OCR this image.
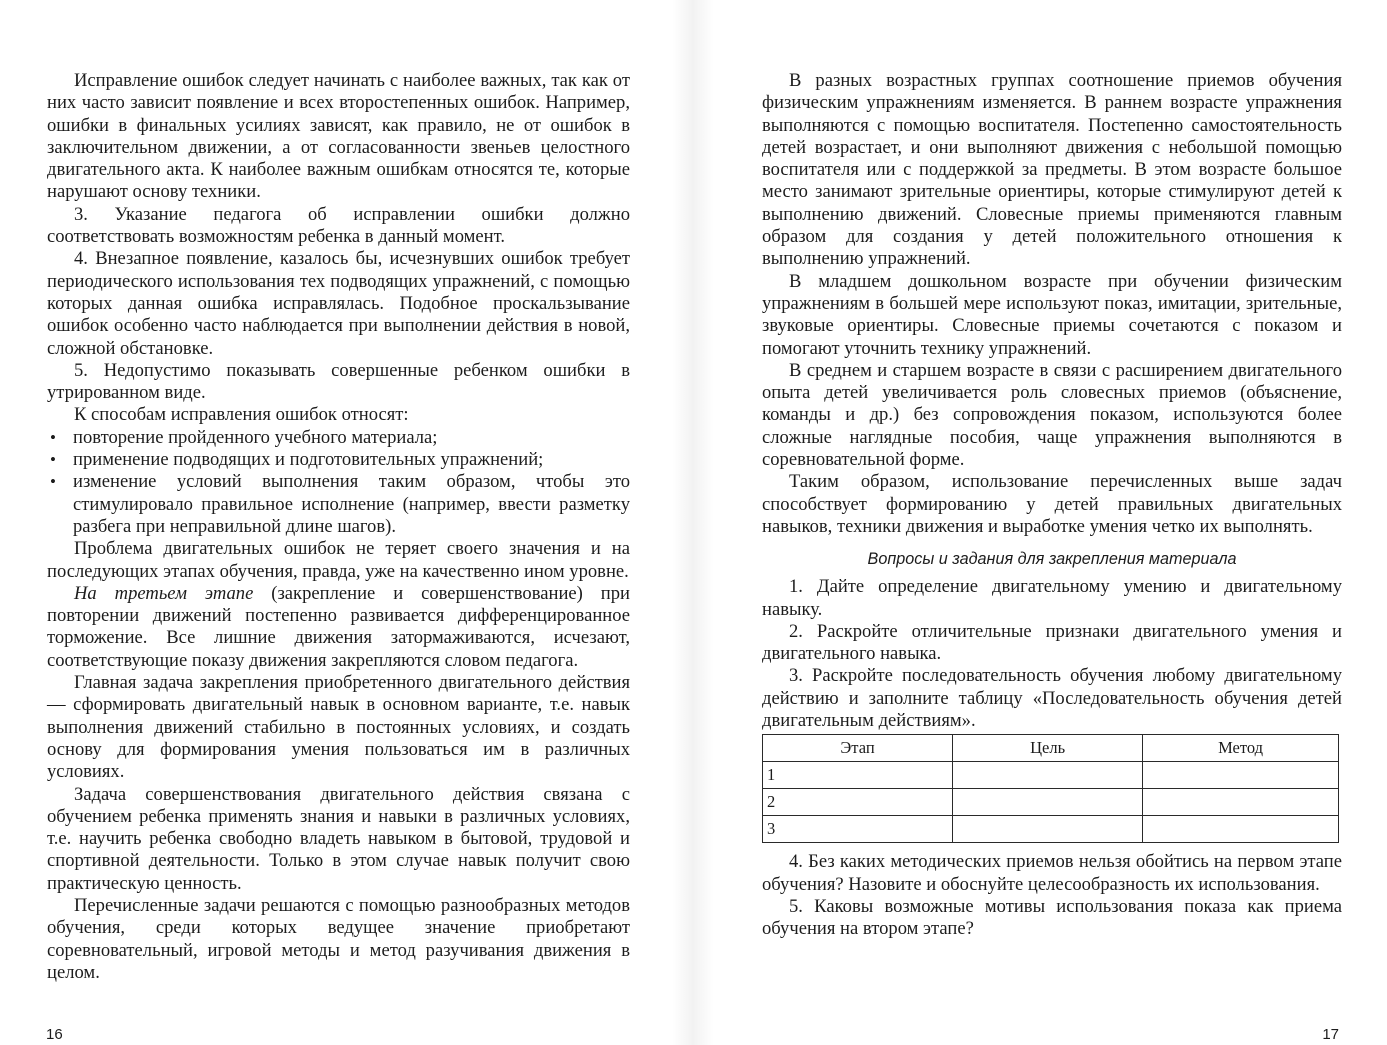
Исправление ошибок следует начинать с наиболее важных, так как от них часто зависит появление и всех второстепенных ошибок. Например, ошибки в финальных усилиях зависят, как правило, не от ошибок в заключительном движении, а от согласованности звеньев целостного двигательного акта. К наиболее важным ошибкам относятся те, которые нарушают основу техники.

3. Указание педагога об исправлении ошибки должно соответствовать возможностям ребенка в данный момент.

4. Внезапное появление, казалось бы, исчезнувших ошибок требует периодического использования тех подводящих упражнений, с помощью которых данная ошибка исправлялась. Подобное проскальзывание ошибок особенно часто наблюдается при выполнении действия в новой, сложной обстановке.

5. Недопустимо показывать совершенные ребенком ошибки в утрированном виде.

К способам исправления ошибок относят:

• повторение пройденного учебного материала;
• применение подводящих и подготовительных упражнений;
• изменение условий выполнения таким образом, чтобы это стимулировало правильное исполнение (например, ввести разметку разбега при неправильной длине шагов).

Проблема двигательных ошибок не теряет своего значения и на последующих этапах обучения, правда, уже на качественно ином уровне.

На третьем этапе (закрепление и совершенствование) при повторении движений постепенно развивается дифференцированное торможение. Все лишние движения затормаживаются, исчезают, соответствующие показу движения закрепляются словом педагога.

Главная задача закрепления приобретенного двигательного действия — сформировать двигательный навык в основном варианте, т.е. навык выполнения движений стабильно в постоянных условиях, и создать основу для формирования умения пользоваться им в различных условиях.

Задача совершенствования двигательного действия связана с обучением ребенка применять знания и навыки в различных условиях, т.е. научить ребенка свободно владеть навыком в бытовой, трудовой и спортивной деятельности. Только в этом случае навык получит свою практическую ценность.

Перечисленные задачи решаются с помощью разнообразных методов обучения, среди которых ведущее значение приобретают соревновательный, игровой методы и метод разучивания движения в целом.

16

В разных возрастных группах соотношение приемов обучения физическим упражнениям изменяется. В раннем возрасте упражнения выполняются с помощью воспитателя. Постепенно самостоятельность детей возрастает, и они выполняют движения с небольшой помощью воспитателя или с поддержкой за предметы. В этом возрасте большое место занимают зрительные ориентиры, которые стимулируют детей к выполнению движений. Словесные приемы применяются главным образом для создания у детей положительного отношения к выполнению упражнений.

В младшем дошкольном возрасте при обучении физическим упражнениям в большей мере используют показ, имитации, зрительные, звуковые ориентиры. Словесные приемы сочетаются с показом и помогают уточнить технику упражнений.

В среднем и старшем возрасте в связи с расширением двигательного опыта детей увеличивается роль словесных приемов (объяснение, команды и др.) без сопровождения показом, используются более сложные наглядные пособия, чаще упражнения выполняются в соревновательной форме.

Таким образом, использование перечисленных выше задач способствует формированию у детей правильных двигательных навыков, техники движения и выработке умения четко их выполнять.

Вопросы и задания для закрепления материала

1. Дайте определение двигательному умению и двигательному навыку.

2. Раскройте отличительные признаки двигательного умения и двигательного навыка.

3. Раскройте последовательность обучения любому двигательному действию и заполните таблицу «Последовательность обучения детей двигательным действиям».

Этап	Цель	Метод
1		
2		
3		

4. Без каких методических приемов нельзя обойтись на первом этапе обучения? Назовите и обоснуйте целесообразность их использования.

5. Каковы возможные мотивы использования показа как приема обучения на втором этапе?

17
